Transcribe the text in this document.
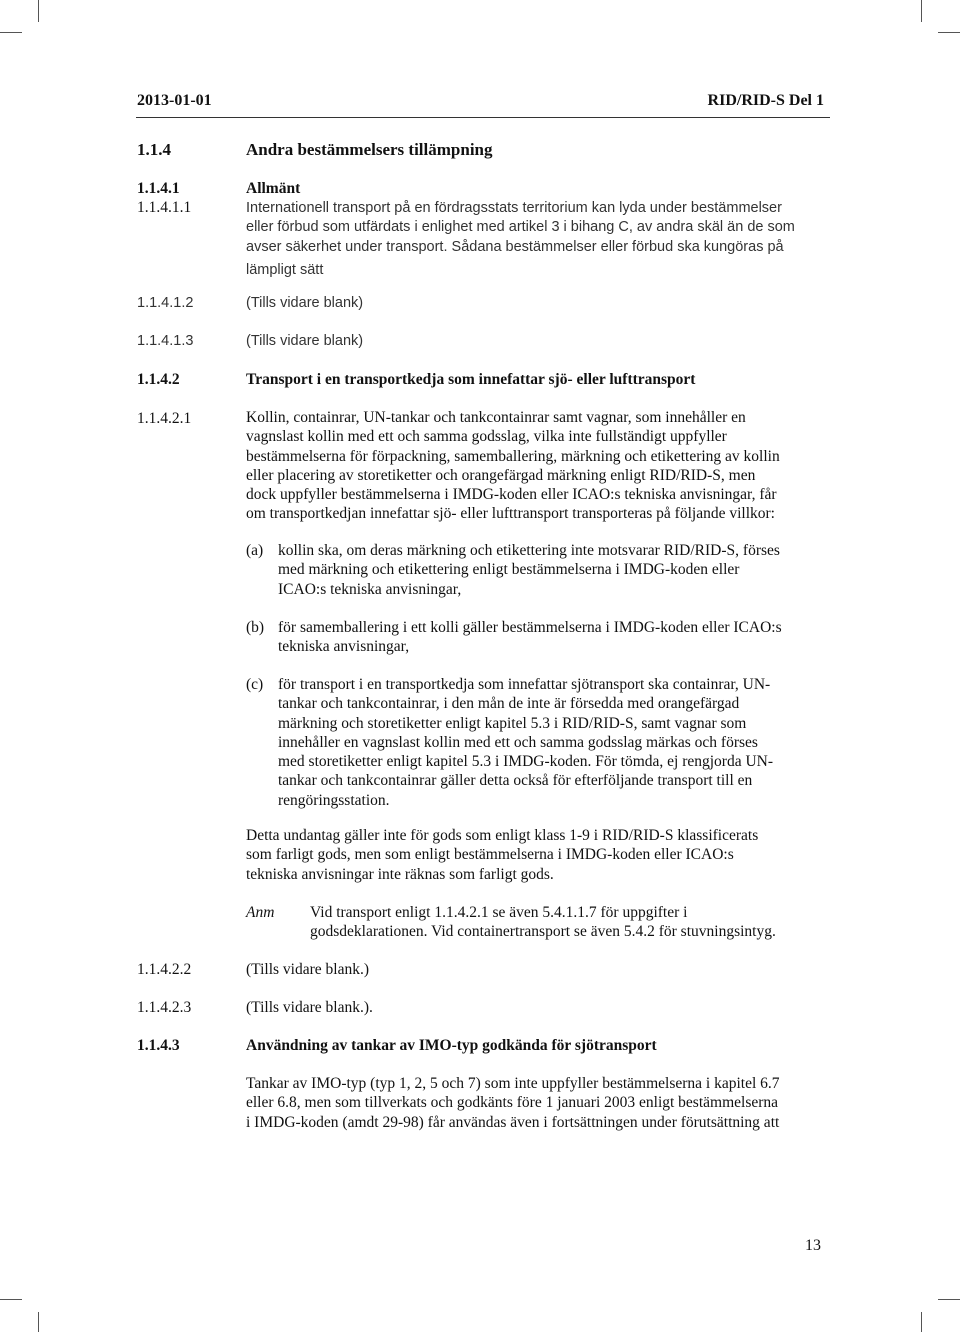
2013-01-01	RID/RID-S Del 1
1.1.4	Andra bestämmelsers tillämpning
1.1.4.1	Allmänt
1.1.4.1.1	Internationell transport på en fördragsstats territorium kan lyda under bestämmelser
eller förbud som utfärdats i enlighet med artikel 3 i bihang C, av andra skäl än de som
avser säkerhet under transport. Sådana bestämmelser eller förbud ska kungöras på
lämpligt sätt
1.1.4.1.2	(Tills vidare blank)
1.1.4.1.3	(Tills vidare blank)
1.1.4.2	Transport i en transportkedja som innefattar sjö- eller lufttransport
1.1.4.2.1	Kollin, containrar, UN-tankar och tankcontainrar samt vagnar, som innehåller en
vagnslast kollin med ett och samma godsslag, vilka inte fullständigt uppfyller
bestämmelserna för förpackning, samemballering, märkning och etikettering av kollin
eller placering av storetiketter och orangefärgad märkning enligt RID/RID-S, men
dock uppfyller bestämmelserna i IMDG-koden eller ICAO:s tekniska anvisningar, får
om transportkedjan innefattar sjö- eller lufttransport transporteras på följande villkor:
(a) kollin ska, om deras märkning och etikettering inte motsvarar RID/RID-S, förses
med märkning och etikettering enligt bestämmelserna i IMDG-koden eller
ICAO:s tekniska anvisningar,
(b) för samemballering i ett kolli gäller bestämmelserna i IMDG-koden eller ICAO:s
tekniska anvisningar,
(c) för transport i en transportkedja som innefattar sjötransport ska containrar, UN-
tankar och tankcontainrar, i den mån de inte är försedda med orangefärgad
märkning och storetiketter enligt kapitel 5.3 i RID/RID-S, samt vagnar som
innehåller en vagnslast kollin med ett och samma godsslag märkas och förses
med storetiketter enligt kapitel 5.3 i IMDG-koden. För tömda, ej rengjorda UN-
tankar och tankcontainrar gäller detta också för efterföljande transport till en
rengöringsstation.
Detta undantag gäller inte för gods som enligt klass 1-9 i RID/RID-S klassificerats
som farligt gods, men som enligt bestämmelserna i IMDG-koden eller ICAO:s
tekniska anvisningar inte räknas som farligt gods.
Anm Vid transport enligt 1.1.4.2.1 se även 5.4.1.1.7 för uppgifter i
godsdeklarationen. Vid containertransport se även 5.4.2 för stuvningsintyg.
1.1.4.2.2	(Tills vidare blank.)
1.1.4.2.3	(Tills vidare blank.).
1.1.4.3	Användning av tankar av IMO-typ godkända för sjötransport
Tankar av IMO-typ (typ 1, 2, 5 och 7) som inte uppfyller bestämmelserna i kapitel 6.7
eller 6.8, men som tillverkats och godkänts före 1 januari 2003 enligt bestämmelserna
i IMDG-koden (amdt 29-98) får användas även i fortsättningen under förutsättning att
13
